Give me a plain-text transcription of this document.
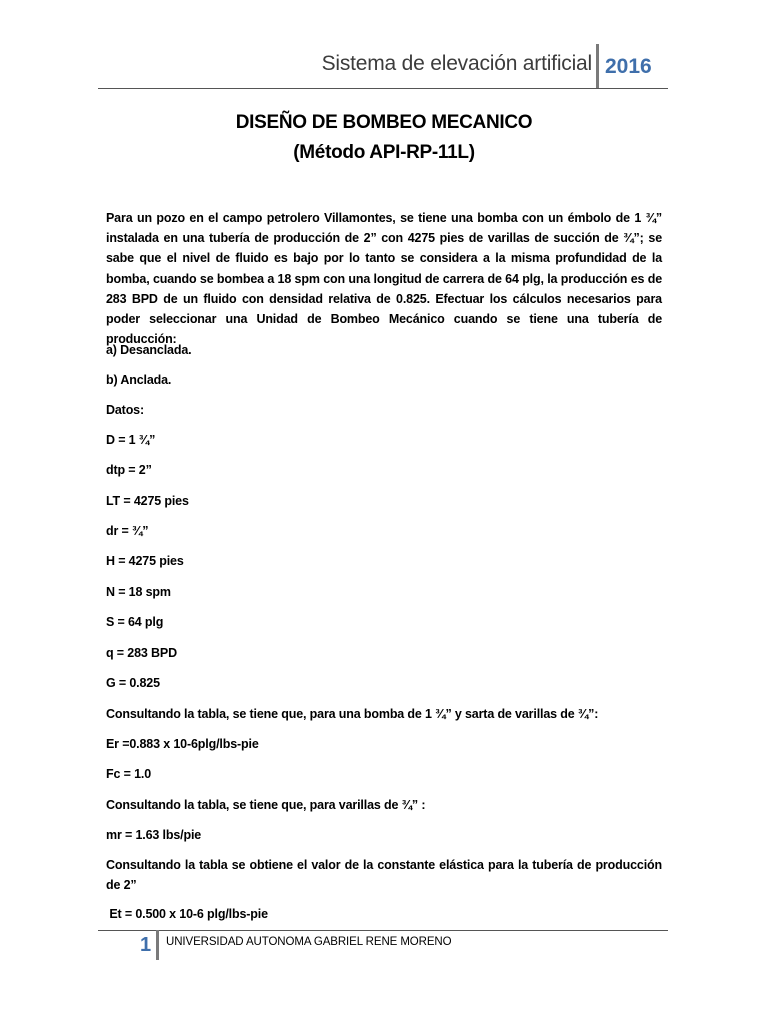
Sistema de elevación artificial 2016
DISEÑO DE BOMBEO MECANICO
(Método API-RP-11L)

Para un pozo en el campo petrolero Villamontes, se tiene una bomba con un émbolo de 1 ¾” instalada en una tubería de producción de 2” con 4275 pies de varillas de succión de ¾”; se sabe que el nivel de fluido es bajo por lo tanto se considera a la misma profundidad de la bomba, cuando se bombea a 18 spm con una longitud de carrera de 64 plg, la producción es de 283 BPD de un fluido con densidad relativa de 0.825. Efectuar los cálculos necesarios para poder seleccionar una Unidad de Bombeo Mecánico cuando se tiene una tubería de producción:

a) Desanclada.
b) Anclada.
Datos:
D = 1 ¾”
dtp = 2”
LT = 4275 pies
dr = ¾”
H = 4275 pies
N = 18 spm
S = 64 plg
q = 283 BPD
G = 0.825
Consultando la tabla, se tiene que, para una bomba de 1 ¾” y sarta de varillas de ¾”:
Er =0.883 x 10-6plg/lbs-pie
Fc = 1.0
Consultando la tabla, se tiene que, para varillas de ¾” :
mr = 1.63 lbs/pie

Consultando la tabla se obtiene el valor de la constante elástica para la tubería de producción de 2”

Et = 0.500 x 10-6 plg/lbs-pie
1 UNIVERSIDAD AUTONOMA GABRIEL RENE MORENO
